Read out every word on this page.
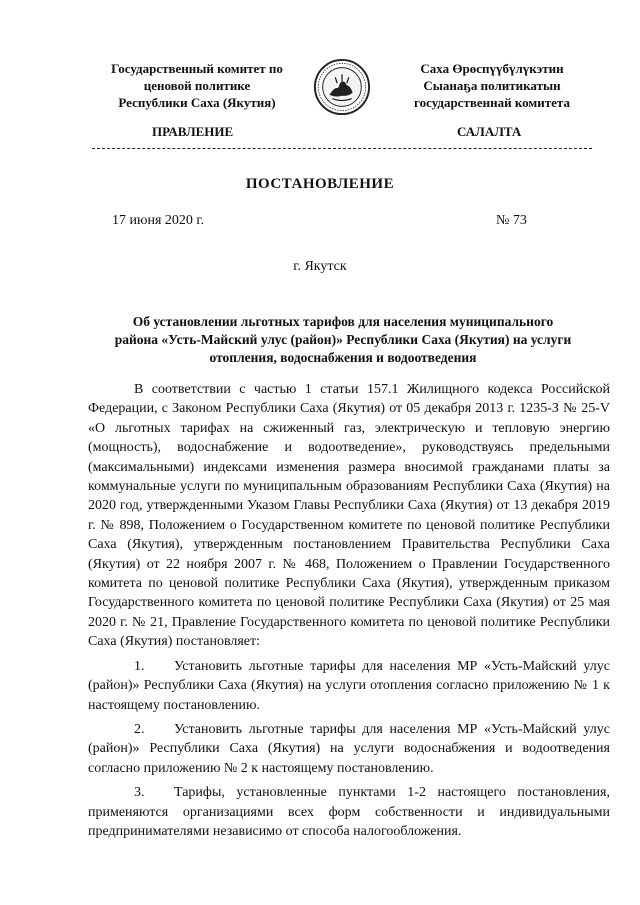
Государственный комитет по
ценовой политике
Республики Саха (Якутия)
Саха Өрөспүүбүлүкэтин
Сыанаҕа политикатын
государственнай комитета
ПРАВЛЕНИЕ	САЛАЛТА
ПОСТАНОВЛЕНИЕ
17 июня 2020 г.	№ 73
г. Якутск
Об установлении льготных тарифов для населения муниципального
района «Усть-Майский улус (район)» Республики Саха (Якутия) на услуги
отопления, водоснабжения и водоотведения

В соответствии с частью 1 статьи 157.1 Жилищного кодекса Российской Федерации, с Законом Республики Саха (Якутия) от 05 декабря 2013 г. 1235-З № 25-V «О льготных тарифах на сжиженный газ, электрическую и тепловую энергию (мощность), водоснабжение и водоотведение», руководствуясь предельными (максимальными) индексами изменения размера вносимой гражданами платы за коммунальные услуги по муниципальным образованиям Республики Саха (Якутия) на 2020 год, утвержденными Указом Главы Республики Саха (Якутия) от 13 декабря 2019 г. № 898, Положением о Государственном комитете по ценовой политике Республики Саха (Якутия), утвержденным постановлением Правительства Республики Саха (Якутия) от 22 ноября 2007 г. № 468, Положением о Правлении Государственного комитета по ценовой политике Республики Саха (Якутия), утвержденным приказом Государственного комитета по ценовой политике Республики Саха (Якутия) от 25 мая 2020 г. № 21, Правление Государственного комитета по ценовой политике Республики Саха (Якутия) постановляет:

1. Установить льготные тарифы для населения МР «Усть-Майский улус (район)» Республики Саха (Якутия) на услуги отопления согласно приложению № 1 к настоящему постановлению.

2. Установить льготные тарифы для населения МР «Усть-Майский улус (район)» Республики Саха (Якутия) на услуги водоснабжения и водоотведения согласно приложению № 2 к настоящему постановлению.

3. Тарифы, установленные пунктами 1-2 настоящего постановления, применяются организациями всех форм собственности и индивидуальными предпринимателями независимо от способа налогообложения.
